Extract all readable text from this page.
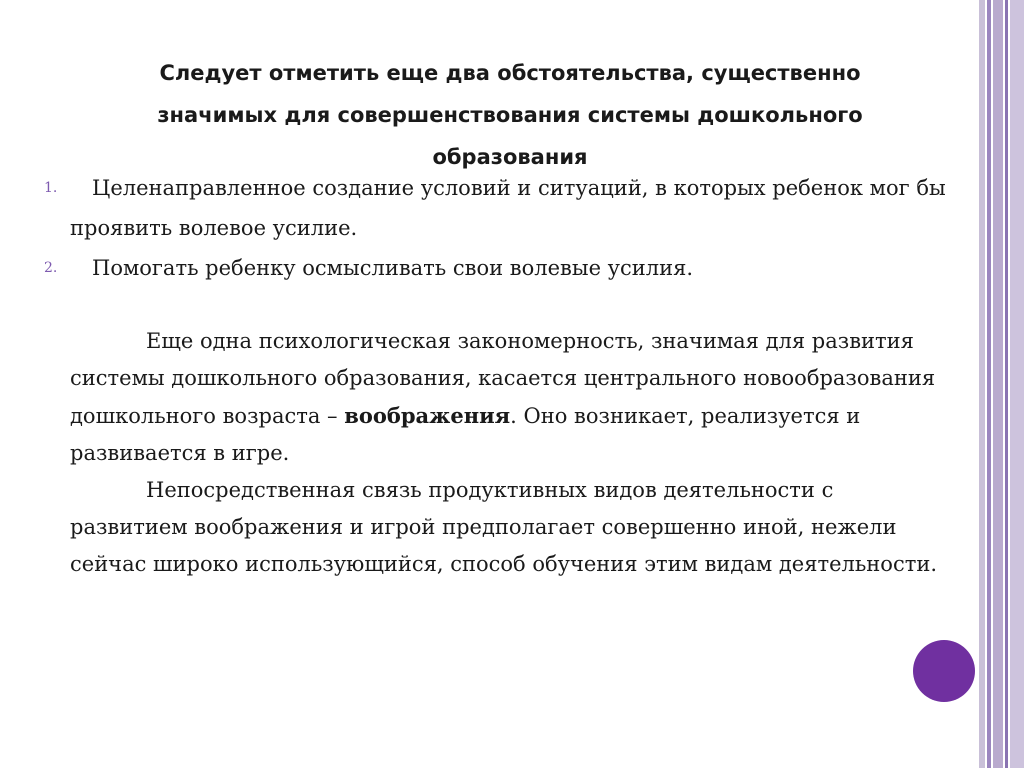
Следует отметить еще два обстоятельства, существенно
значимых для совершенствования системы дошкольного
образования
1. Целенаправленное создание условий и ситуаций, в которых ребенок мог бы проявить волевое усилие.
2. Помогать ребенку осмысливать свои волевые усилия.

Еще одна психологическая закономерность, значимая для развития системы дошкольного образования, касается центрального новообразования дошкольного возраста – воображения. Оно возникает, реализуется и развивается в игре.

Непосредственная связь продуктивных видов деятельности с развитием воображения и игрой предполагает совершенно иной, нежели сейчас широко использующийся, способ обучения этим видам деятельности.
